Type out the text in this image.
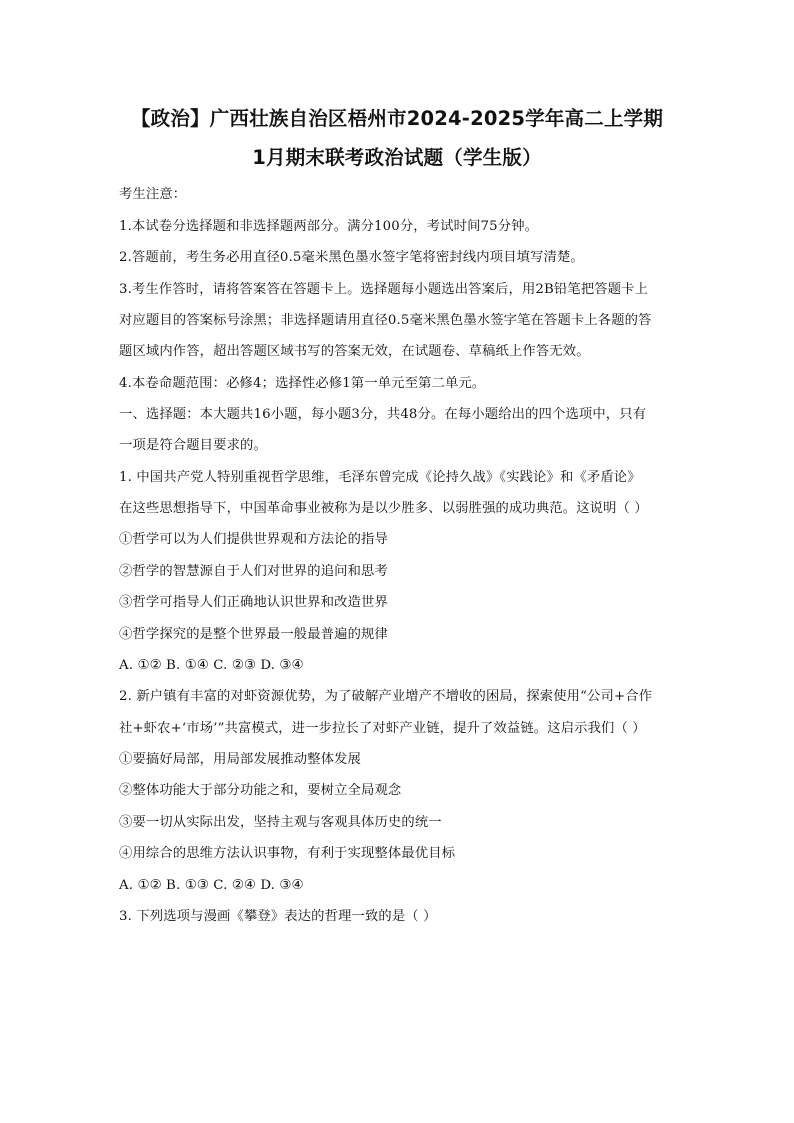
【政治】广西壮族自治区梧州市2024-2025学年高二上学期
1月期末联考政治试题（学生版）
考生注意：
1.本试卷分选择题和非选择题两部分。满分100分，考试时间75分钟。
2.答题前，考生务必用直径0.5毫米黑色墨水签字笔将密封线内项目填写清楚。
3.考生作答时，请将答案答在答题卡上。选择题每小题选出答案后，用2B铅笔把答题卡上
对应题目的答案标号涂黑；非选择题请用直径0.5毫米黑色墨水签字笔在答题卡上各题的答
题区域内作答，超出答题区域书写的答案无效，在试题卷、草稿纸上作答无效。
4.本卷命题范围：必修4；选择性必修1第一单元至第二单元。
一、选择题：本大题共16小题，每小题3分，共48分。在每小题给出的四个选项中，只有
一项是符合题目要求的。
1. 中国共产党人特别重视哲学思维，毛泽东曾完成《论持久战》《实践论》和《矛盾论》
在这些思想指导下，中国革命事业被称为是以少胜多、以弱胜强的成功典范。这说明（ ）
①哲学可以为人们提供世界观和方法论的指导
②哲学的智慧源自于人们对世界的追问和思考
③哲学可指导人们正确地认识世界和改造世界
④哲学探究的是整个世界最一般最普遍的规律
A. ①② B. ①④ C. ②③ D. ③④
2. 新户镇有丰富的对虾资源优势，为了破解产业增产不增收的困局，探索使用“公司+合作
社+虾农+‘市场’”共富模式，进一步拉长了对虾产业链，提升了效益链。这启示我们（ ）
①要搞好局部，用局部发展推动整体发展
②整体功能大于部分功能之和，要树立全局观念
③要一切从实际出发，坚持主观与客观具体历史的统一
④用综合的思维方法认识事物，有利于实现整体最优目标
A. ①② B. ①③ C. ②④ D. ③④
3. 下列选项与漫画《攀登》表达的哲理一致的是（ ）
